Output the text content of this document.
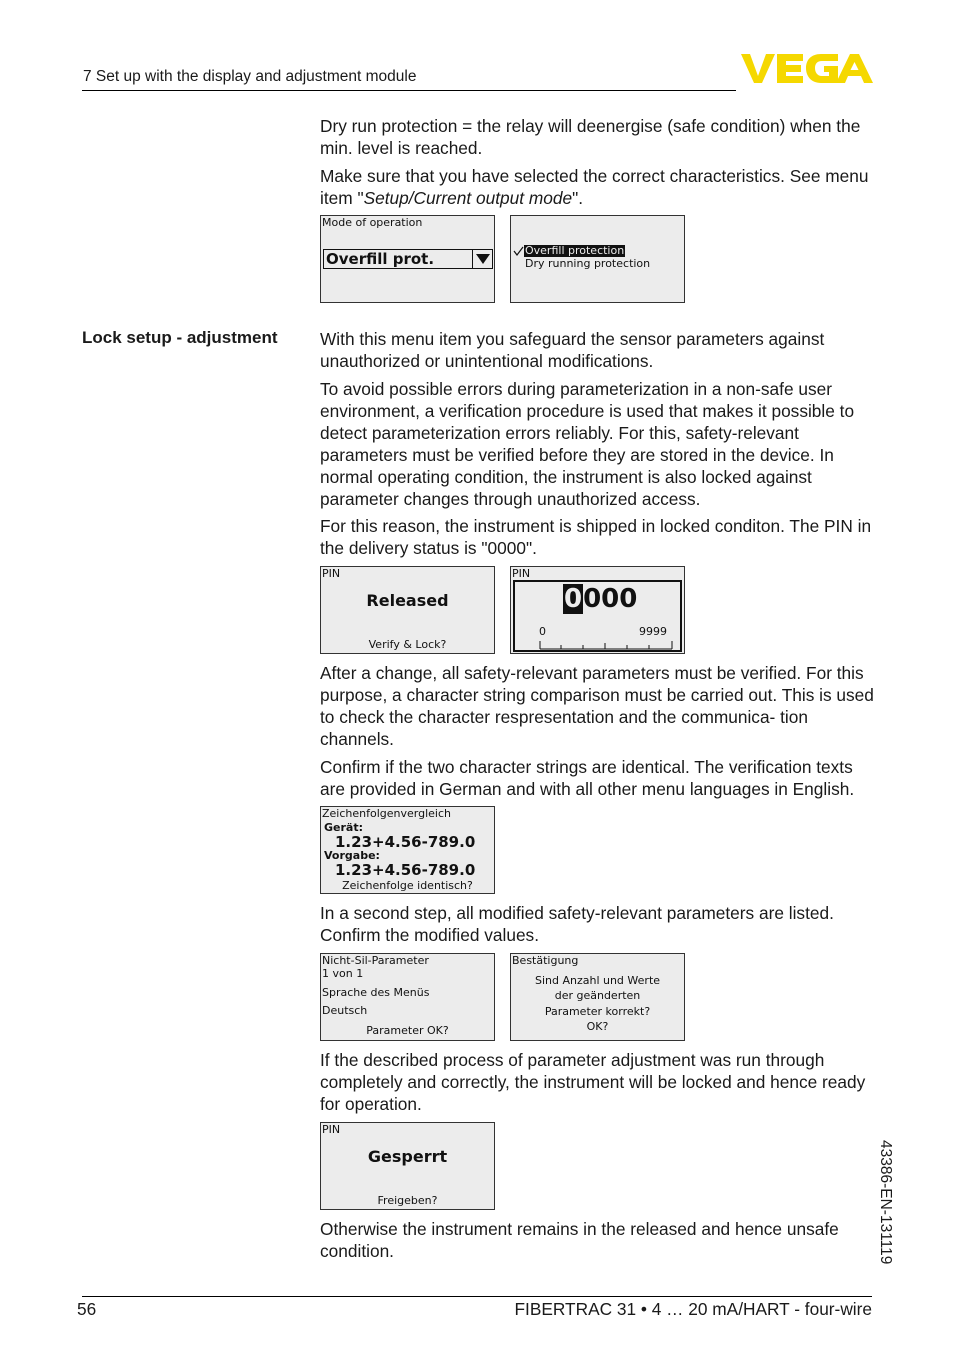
7 Set up with the display and adjustment module
Dry run protection = the relay will deenergise (safe condition) when the min. level is reached.
Make sure that you have selected the correct characteristics. See menu item "Setup/Current output mode".
Mode of operation
Overfill prot.	Overfill protection
Dry running protection
Lock setup - adjustment With this menu item you safeguard the sensor parameters against unauthorized or unintentional modifications.
To avoid possible errors during parameterization in a non-safe user environment, a verification procedure is used that makes it possible to detect parameterization errors reliably. For this, safety-relevant parameters must be verified before they are stored in the device. In normal operating condition, the instrument is also locked against parameter changes through unauthorized access.
For this reason, the instrument is shipped in locked conditon. The PIN in the delivery status is "0000".
PIN
Released
Verify & Lock?
PIN
0000
0	9999
After a change, all safety-relevant parameters must be verified. For this purpose, a character string comparison must be carried out. This is used to check the character respresentation and the communica- tion channels.
Confirm if the two character strings are identical. The verification texts are provided in German and with all other menu languages in English.
Zeichenfolgenvergleich
Gerät:
1.23+4.56-789.0
Vorgabe:
1.23+4.56-789.0
Zeichenfolge identisch?
In a second step, all modified safety-relevant parameters are listed. Confirm the modified values.
Nicht-Sil-Parameter
1 von 1
Sprache des Menüs
Deutsch
Parameter OK?
Bestätigung
Sind Anzahl und Werte
der geänderten
Parameter korrekt?
OK?
If the described process of parameter adjustment was run through completely and correctly, the instrument will be locked and hence ready for operation.
PIN
Gesperrt
Freigeben?
Otherwise the instrument remains in the released and hence unsafe condition.	43386-EN-131119
56	FIBERTRAC 31 • 4 … 20 mA/HART - four-wire
